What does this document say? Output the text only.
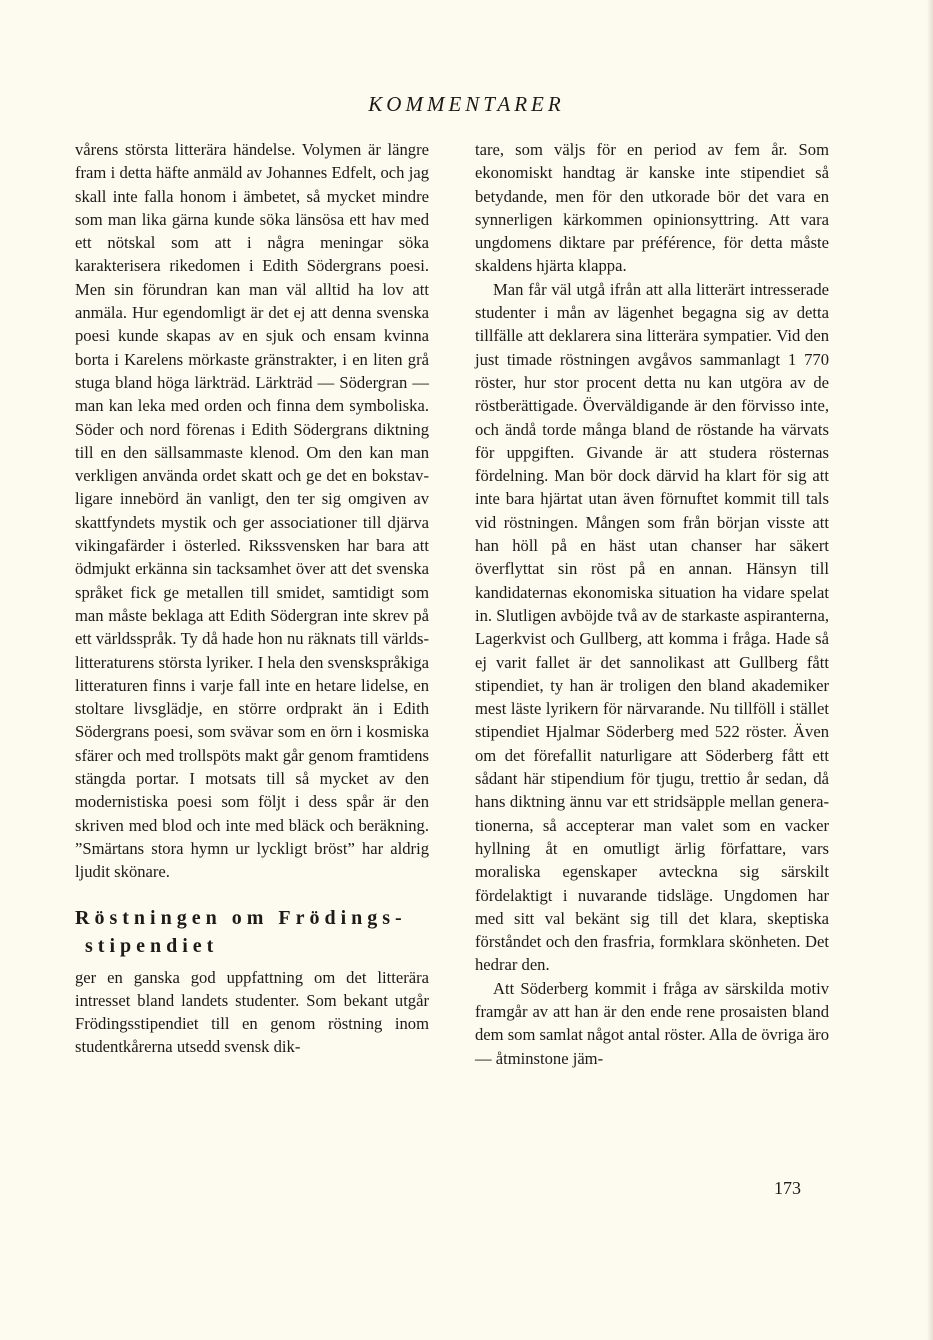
KOMMENTARER

vårens största litterära händelse. Volymen är längre fram i detta häfte anmäld av Johannes Edfelt, och jag skall inte falla honom i ämbetet, så mycket mindre som man lika gärna kunde söka länsösa ett hav med ett nötskal som att i några meningar söka karakterisera rikedomen i Edith Södergrans poesi. Men sin förundran kan man väl alltid ha lov att anmäla. Hur egendomligt är det ej att denna svenska poesi kunde skapas av en sjuk och ensam kvinna borta i Karelens mörkaste gränstrakter, i en liten grå stuga bland höga lärkträd. Lärkträd — Södergran — man kan leka med orden och finna dem symboliska. Söder och nord förenas i Edith Södergrans diktning till en den sällsammaste klenod. Om den kan man verkligen använda ordet skatt och ge det en bokstavligare innebörd än vanligt, den ter sig omgiven av skattfyndets mystik och ger associationer till djärva vikingafärder i österled. Rikssvensken har bara att ödmjukt erkänna sin tacksamhet över att det svenska språket fick ge metallen till smidet, samtidigt som man måste beklaga att Edith Södergran inte skrev på ett världsspråk. Ty då hade hon nu räknats till världslitteraturens största lyriker. I hela den svenskspråkiga litteraturen finns i varje fall inte en hetare lidelse, en stoltare livsglädje, en större ordprakt än i Edith Södergrans poesi, som svävar som en örn i kosmiska sfärer och med trollspöts makt går genom framtidens stängda portar. I motsats till så mycket av den modernistiska poesi som följt i dess spår är den skriven med blod och inte med bläck och beräkning. ”Smärtans stora hymn ur lyckligt bröst” har aldrig ljudit skönare.

Röstningen om Frödings-
stipendiet

ger en ganska god uppfattning om det litterära intresset bland landets studenter. Som bekant utgår Frödingsstipendiet till en genom röstning inom studentkårerna utsedd svensk dik-

tare, som väljs för en period av fem år. Som ekonomiskt handtag är kanske inte stipendiet så betydande, men för den utkorade bör det vara en synnerligen kärkommen opinionsyttring. Att vara ungdomens diktare par préférence, för detta måste skaldens hjärta klappa.

Man får väl utgå ifrån att alla litterärt intresserade studenter i mån av lägenhet begagna sig av detta tillfälle att deklarera sina litterära sympatier. Vid den just timade röstningen avgåvos sammanlagt 1 770 röster, hur stor procent detta nu kan utgöra av de röstberättigade. Överväldigande är den förvisso inte, och ändå torde många bland de röstande ha värvats för uppgiften. Givande är att studera rösternas fördelning. Man bör dock därvid ha klart för sig att inte bara hjärtat utan även förnuftet kommit till tals vid röstningen. Mången som från början visste att han höll på en häst utan chanser har säkert överflyttat sin röst på en annan. Hänsyn till kandidaternas ekonomiska situation ha vidare spelat in. Slutligen avböjde två av de starkaste aspiranterna, Lagerkvist och Gullberg, att komma i fråga. Hade så ej varit fallet är det sannolikast att Gullberg fått stipendiet, ty han är troligen den bland akademiker mest läste lyrikern för närvarande. Nu tillföll i stället stipendiet Hjalmar Söderberg med 522 röster. Även om det förefallit naturligare att Söderberg fått ett sådant här stipendium för tjugu, trettio år sedan, då hans diktning ännu var ett stridsäpple mellan generationerna, så accepterar man valet som en vacker hyllning åt en omutligt ärlig författare, vars moraliska egenskaper avteckna sig särskilt fördelaktigt i nuvarande tidsläge. Ungdomen har med sitt val bekänt sig till det klara, skeptiska förståndet och den frasfria, formklara skönheten. Det hedrar den.

Att Söderberg kommit i fråga av särskilda motiv framgår av att han är den ende rene prosaisten bland dem som samlat något antal röster. Alla de övriga äro — åtminstone jäm-

173
